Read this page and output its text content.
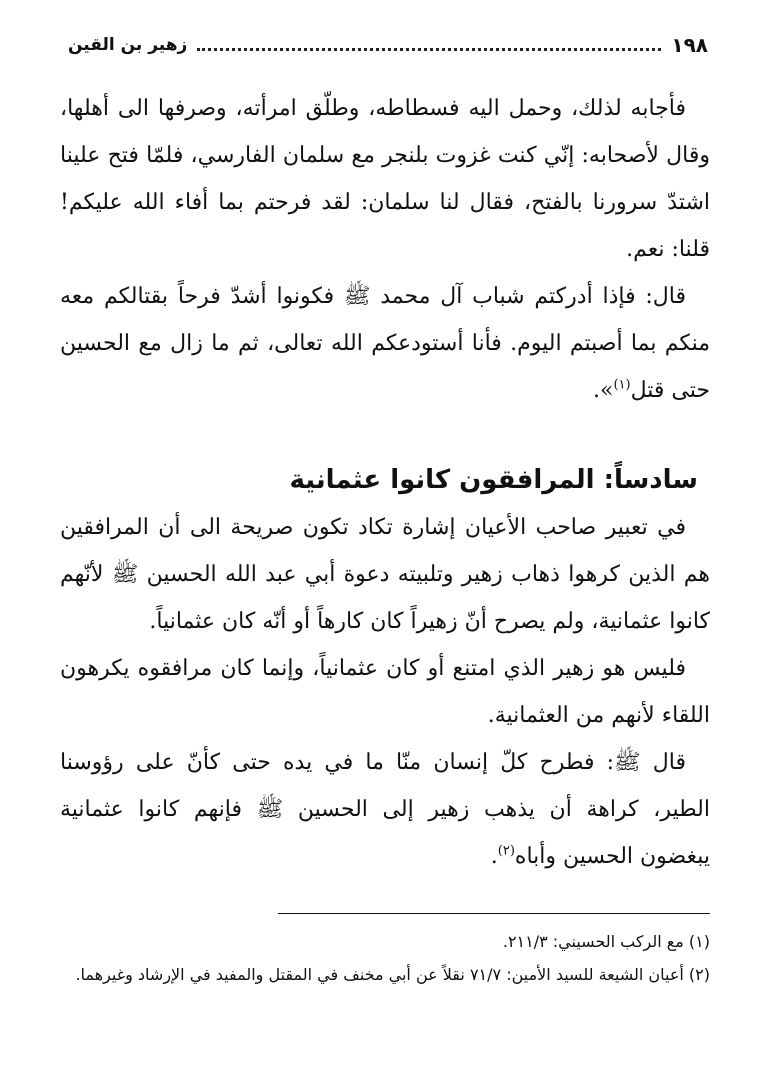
زهير بن القين	١٩٨

فأجابه لذلك، وحمل اليه فسطاطه، وطلّق امرأته، وصرفها الى أهلها، وقال لأصحابه: إنّي كنت غزوت بلنجر مع سلمان الفارسي، فلمّا فتح علينا اشتدّ سرورنا بالفتح، فقال لنا سلمان: لقد فرحتم بما أفاء الله عليكم! قلنا: نعم.

قال: فإذا أدركتم شباب آل محمد ﷺ فكونوا أشدّ فرحاً بقتالكم معه منكم بما أصبتم اليوم. فأنا أستودعكم الله تعالى، ثم ما زال مع الحسين حتى قتل$^{(١)}$».

سادساً: المرافقون كانوا عثمانية

في تعبير صاحب الأعيان إشارة تكاد تكون صريحة الى أن المرافقين هم الذين كرهوا ذهاب زهير وتلبيته دعوة أبي عبد الله الحسين ﷺ لأنّهم كانوا عثمانية، ولم يصرح أنّ زهيراً كان كارهاً أو أنّه كان عثمانياً.

فليس هو زهير الذي امتنع أو كان عثمانياً، وإنما كان مرافقوه يكرهون اللقاء لأنهم من العثمانية.

قال ﷺ: فطرح كلّ إنسان منّا ما في يده حتى كأنّ على رؤوسنا الطير، كراهة أن يذهب زهير إلى الحسين ﷺ فإنهم كانوا عثمانية يبغضون الحسين وأباه$^{(٢)}$.

(١) مع الركب الحسيني: ٢١١/٣.

(٢) أعيان الشيعة للسيد الأمين: ٧١/٧ نقلاً عن أبي مخنف في المقتل والمفيد في الإرشاد وغيرهما.
